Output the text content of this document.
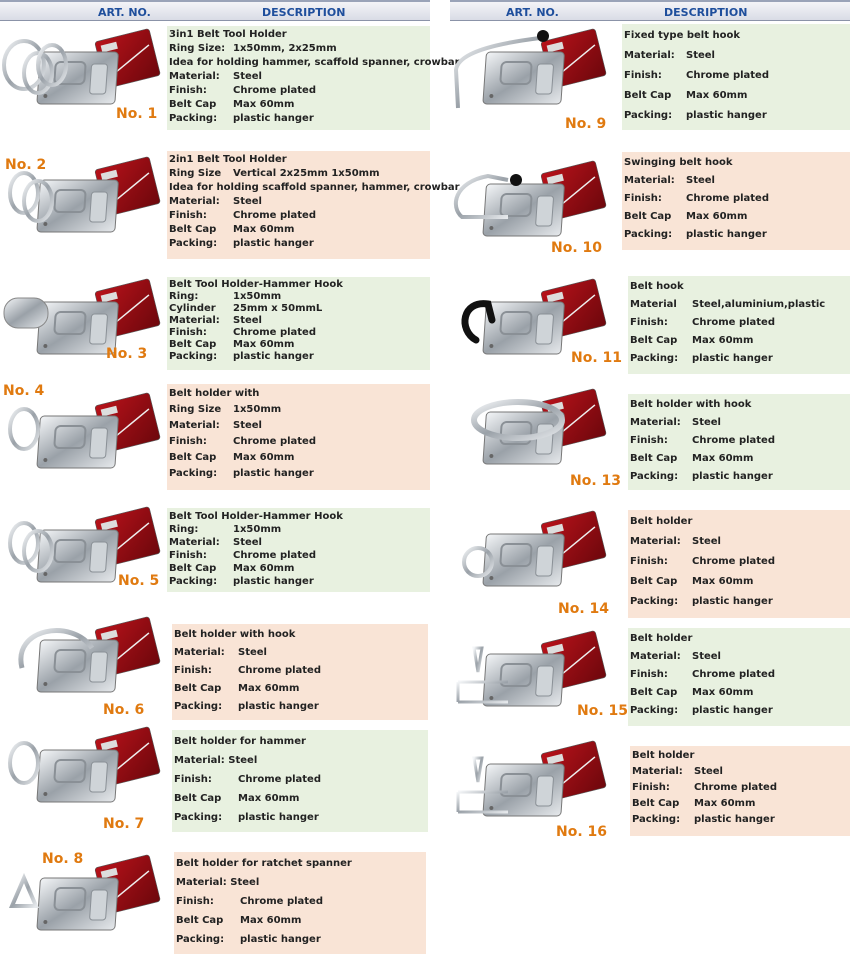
ART. NO.	DESCRIPTION	ART. NO.	DESCRIPTION
No. 1
3in1 Belt Tool Holder
Ring Size: 1x50mm, 2x25mm
Idea for holding hammer, scaffold spanner, crowbar
Material: Steel
Finish:	Chrome plated
Belt Cap Max 60mm
Packing: plastic hanger
No. 2	2in1 Belt Tool Holder
Ring Size Vertical 2x25mm 1x50mm
Idea for holding scaffold spanner, hammer, crowbar
Material: Steel
Finish:	Chrome plated
Belt Cap Max 60mm
Packing: plastic hanger
No. 3
Belt Tool Holder-Hammer Hook
Ring:	1x50mm
Cylinder 25mm x 50mmL
Material: Steel
Finish:	Chrome plated
Belt Cap Max 60mm
Packing: plastic hanger
No. 4	Belt holder with
Ring Size 1x50mm
Material: Steel
Finish:	Chrome plated
Belt Cap Max 60mm
Packing: plastic hanger
No. 5
Belt Tool Holder-Hammer Hook
Ring:	1x50mm
Material: Steel
Finish:	Chrome plated
Belt Cap Max 60mm
Packing: plastic hanger
No. 6
Belt holder with hook
Material: Steel
Finish:	Chrome plated
Belt Cap Max 60mm
Packing: plastic hanger
No. 7
Belt holder for hammer
Material: Steel
Finish:	Chrome plated
Belt Cap Max 60mm
Packing: plastic hanger
No. 8	Belt holder for ratchet spanner
Material: Steel
Finish:	Chrome plated
Belt Cap Max 60mm
Packing: plastic hanger
No. 9
Fixed type belt hook
Material: Steel
Finish: Chrome plated
Belt Cap Max 60mm
Packing: plastic hanger
No. 10
Swinging belt hook
Material: Steel
Finish: Chrome plated
Belt Cap Max 60mm
Packing: plastic hanger
No. 11
Belt hook
Material Steel,aluminium,plastic
Finish: Chrome plated
Belt Cap Max 60mm
Packing: plastic hanger
No. 13
Belt holder with hook
Material: Steel
Finish: Chrome plated
Belt Cap Max 60mm
Packing: plastic hanger
No. 14
Belt holder
Material: Steel
Finish: Chrome plated
Belt Cap Max 60mm
Packing: plastic hanger
No. 15
Belt holder
Material: Steel
Finish: Chrome plated
Belt Cap Max 60mm
Packing: plastic hanger
No. 16
Belt holder
Material: Steel
Finish: Chrome plated
Belt Cap Max 60mm
Packing: plastic hanger
